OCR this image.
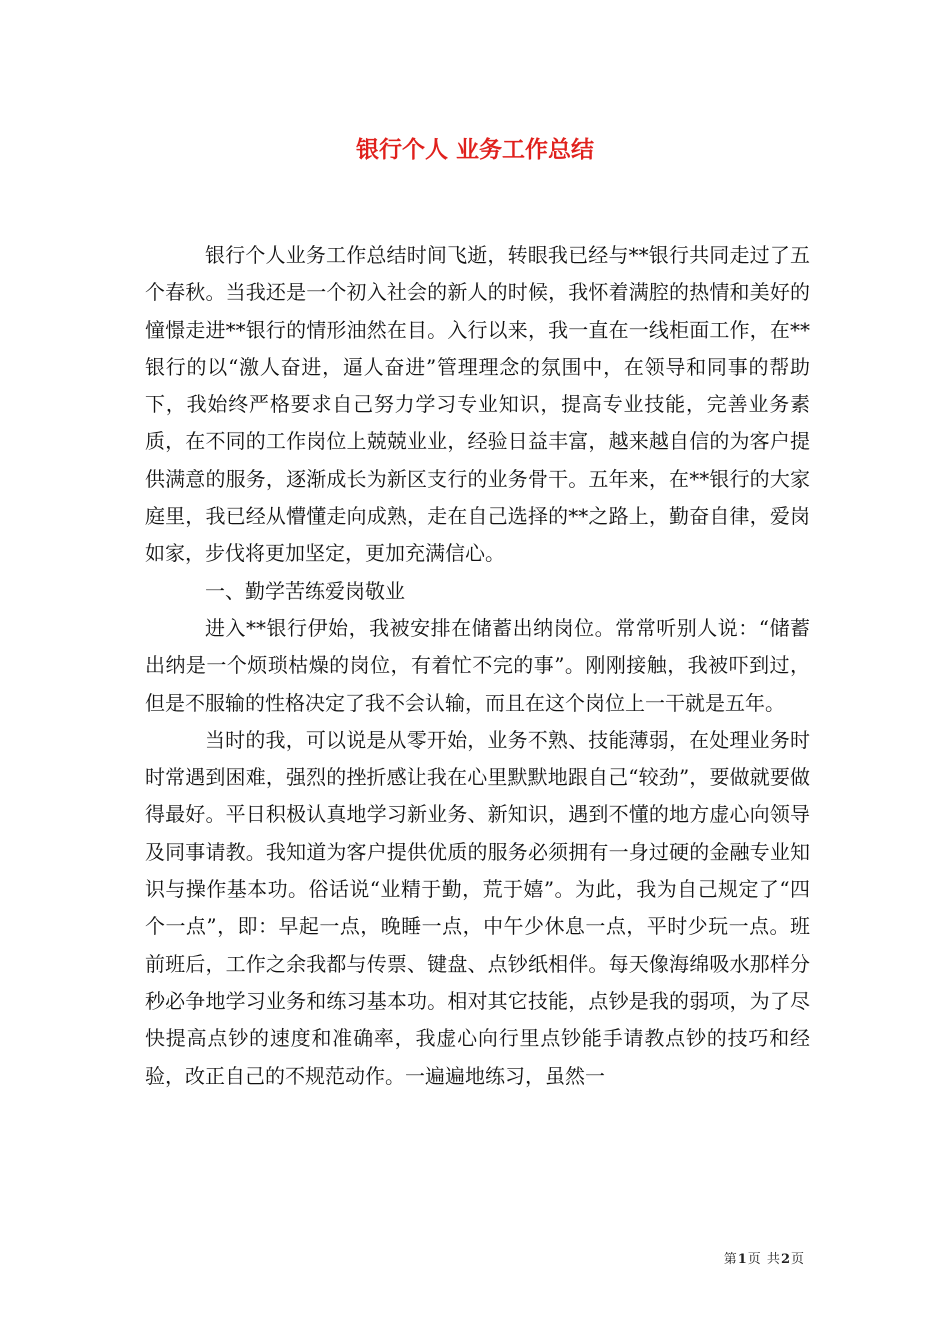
银行个人 业务工作总结

银行个人业务工作总结时间飞逝，转眼我已经与**银行共同走过了五个春秋。当我还是一个初入社会的新人的时候，我怀着满腔的热情和美好的憧憬走进**银行的情形油然在目。入行以来，我一直在一线柜面工作，在**银行的以“激人奋进，逼人奋进”管理理念的氛围中，在领导和同事的帮助下，我始终严格要求自己努力学习专业知识，提高专业技能，完善业务素质，在不同的工作岗位上兢兢业业，经验日益丰富，越来越自信的为客户提供满意的服务，逐渐成长为新区支行的业务骨干。五年来，在**银行的大家庭里，我已经从懵懂走向成熟，走在自己选择的**之路上，勤奋自律，爱岗如家，步伐将更加坚定，更加充满信心。

一、勤学苦练爱岗敬业

进入**银行伊始，我被安排在储蓄出纳岗位。常常听别人说：“储蓄出纳是一个烦琐枯燥的岗位，有着忙不完的事”。刚刚接触，我被吓到过，但是不服输的性格决定了我不会认输，而且在这个岗位上一干就是五年。

当时的我，可以说是从零开始，业务不熟、技能薄弱，在处理业务时时常遇到困难，强烈的挫折感让我在心里默默地跟自己“较劲”，要做就要做得最好。平日积极认真地学习新业务、新知识，遇到不懂的地方虚心向领导及同事请教。我知道为客户提供优质的服务必须拥有一身过硬的金融专业知识与操作基本功。俗话说“业精于勤，荒于嬉”。为此，我为自己规定了“四个一点”，即：早起一点，晚睡一点，中午少休息一点，平时少玩一点。班前班后，工作之余我都与传票、键盘、点钞纸相伴。每天像海绵吸水那样分秒必争地学习业务和练习基本功。相对其它技能，点钞是我的弱项，为了尽快提高点钞的速度和准确率，我虚心向行里点钞能手请教点钞的技巧和经验，改正自己的不规范动作。一遍遍地练习，虽然一

第1页 共2页
